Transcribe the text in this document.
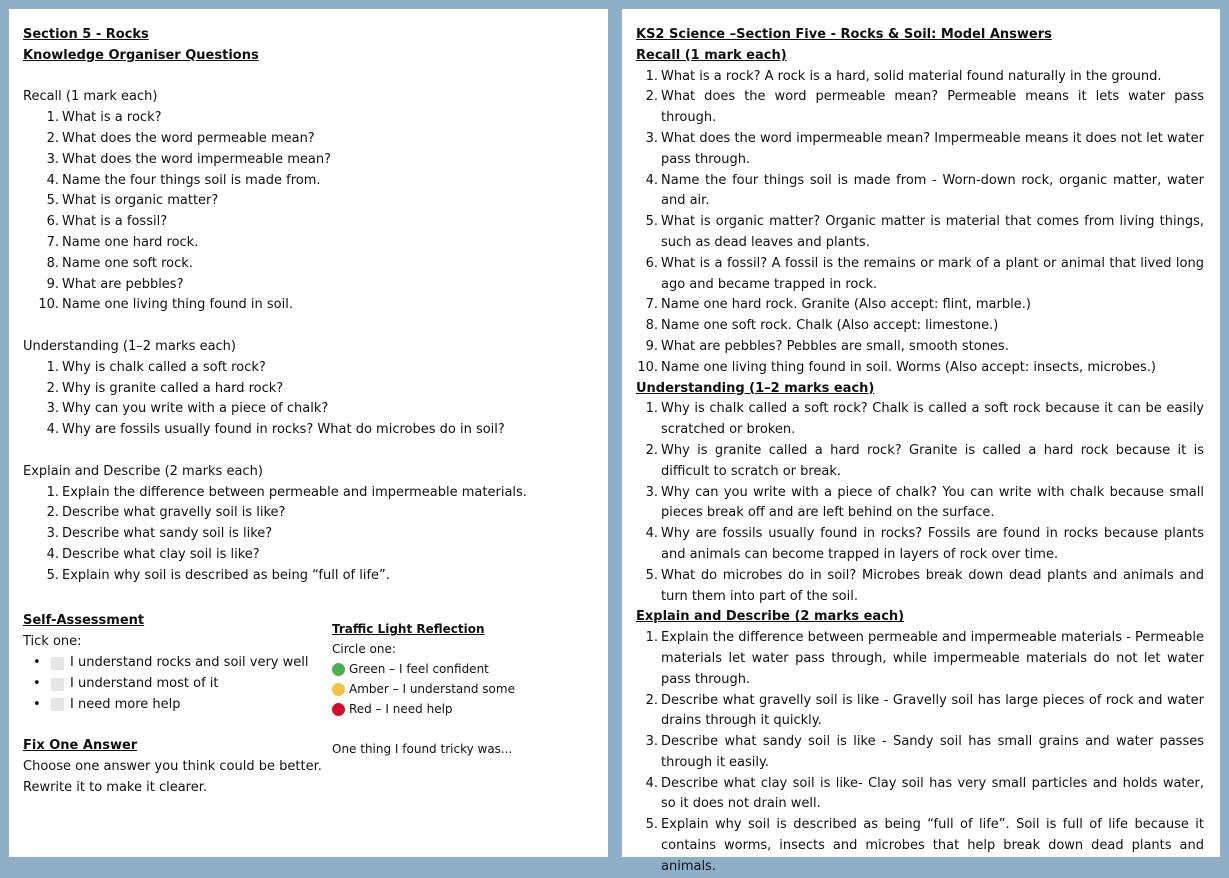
Section 5 - Rocks
Knowledge Organiser Questions
Recall (1 mark each)
1. What is a rock?
2. What does the word permeable mean?
3. What does the word impermeable mean?
4. Name the four things soil is made from.
5. What is organic matter?
6. What is a fossil?
7. Name one hard rock.
8. Name one soft rock.
9. What are pebbles?
10. Name one living thing found in soil.
Understanding (1–2 marks each)
1. Why is chalk called a soft rock?
2. Why is granite called a hard rock?
3. Why can you write with a piece of chalk?
4. Why are fossils usually found in rocks? What do microbes do in soil?
Explain and Describe (2 marks each)
1. Explain the difference between permeable and impermeable materials.
2. Describe what gravelly soil is like?
3. Describe what sandy soil is like?
4. Describe what clay soil is like?
5. Explain why soil is described as being “full of life”.
Self-Assessment
Tick one:
•	I understand rocks and soil very well
•	I understand most of it
•	I need more help
Fix One Answer
Choose one answer you think could be better.
Rewrite it to make it clearer.
Traffic Light Reflection
Circle one:
Green – I feel confident
Amber – I understand some
Red – I need help
One thing I found tricky was...
KS2 Science –Section Five - Rocks & Soil: Model Answers
Recall (1 mark each)
1. What is a rock? A rock is a hard, solid material found naturally in the ground.
2. What does the word permeable mean? Permeable means it lets water pass through.
3. What does the word impermeable mean? Impermeable means it does not let water pass through.
4. Name the four things soil is made from - Worn-down rock, organic matter, water and air.
5. What is organic matter? Organic matter is material that comes from living things, such as dead leaves and plants.
6. What is a fossil? A fossil is the remains or mark of a plant or animal that lived long ago and became trapped in rock.
7. Name one hard rock. Granite (Also accept: flint, marble.)
8. Name one soft rock. Chalk (Also accept: limestone.)
9. What are pebbles? Pebbles are small, smooth stones.
10. Name one living thing found in soil. Worms (Also accept: insects, microbes.)
Understanding (1–2 marks each)
1. Why is chalk called a soft rock? Chalk is called a soft rock because it can be easily scratched or broken.
2. Why is granite called a hard rock? Granite is called a hard rock because it is difficult to scratch or break.
3. Why can you write with a piece of chalk? You can write with chalk because small pieces break off and are left behind on the surface.
4. Why are fossils usually found in rocks? Fossils are found in rocks because plants and animals can become trapped in layers of rock over time.
5. What do microbes do in soil? Microbes break down dead plants and animals and turn them into part of the soil.
Explain and Describe (2 marks each)
1. Explain the difference between permeable and impermeable materials - Permeable materials let water pass through, while impermeable materials do not let water pass through.
2. Describe what gravelly soil is like - Gravelly soil has large pieces of rock and water drains through it quickly.
3. Describe what sandy soil is like - Sandy soil has small grains and water passes through it easily.
4. Describe what clay soil is like- Clay soil has very small particles and holds water, so it does not drain well.
5. Explain why soil is described as being “full of life”. Soil is full of life because it contains worms, insects and microbes that help break down dead plants and animals.
